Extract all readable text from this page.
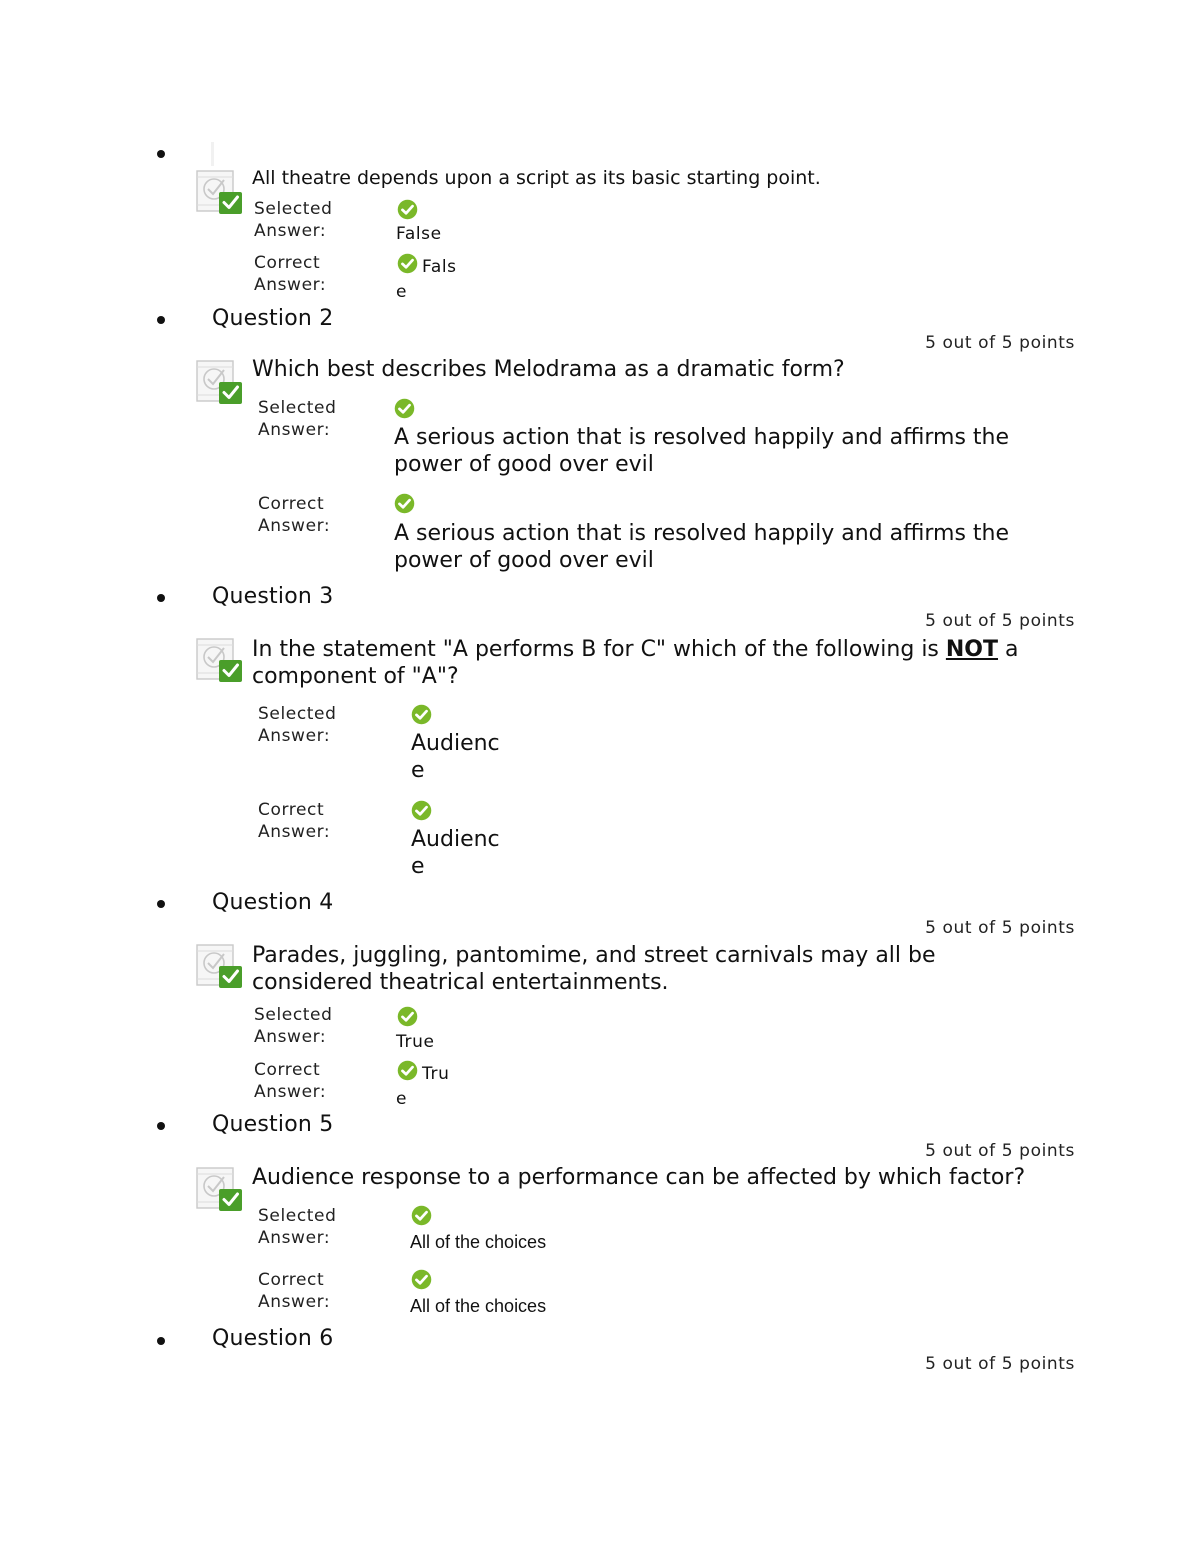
All theatre depends upon a script as its basic starting point.
Selected
Answer:	False
Correct
Answer:
Fals
e
Question 2
5 out of 5 points
Which best describes Melodrama as a dramatic form?
Selected
Answer:	A serious action that is resolved happily and affirms the power of good over evil
Correct
Answer:	A serious action that is resolved happily and affirms the power of good over evil
Question 3
5 out of 5 points
In the statement "A performs B for C" which of the following is NOT a component of "A"?
Selected
Answer:	Audienc
e
Correct
Answer:	Audienc
e
Question 4
5 out of 5 points
Parades, juggling, pantomime, and street carnivals may all be considered theatrical entertainments.
Selected
Answer:	True
Correct
Answer:
Tru
e
Question 5
5 out of 5 points
Audience response to a performance can be affected by which factor?
Selected
Answer:	All of the choices
Correct
Answer:	All of the choices
Question 6
5 out of 5 points
